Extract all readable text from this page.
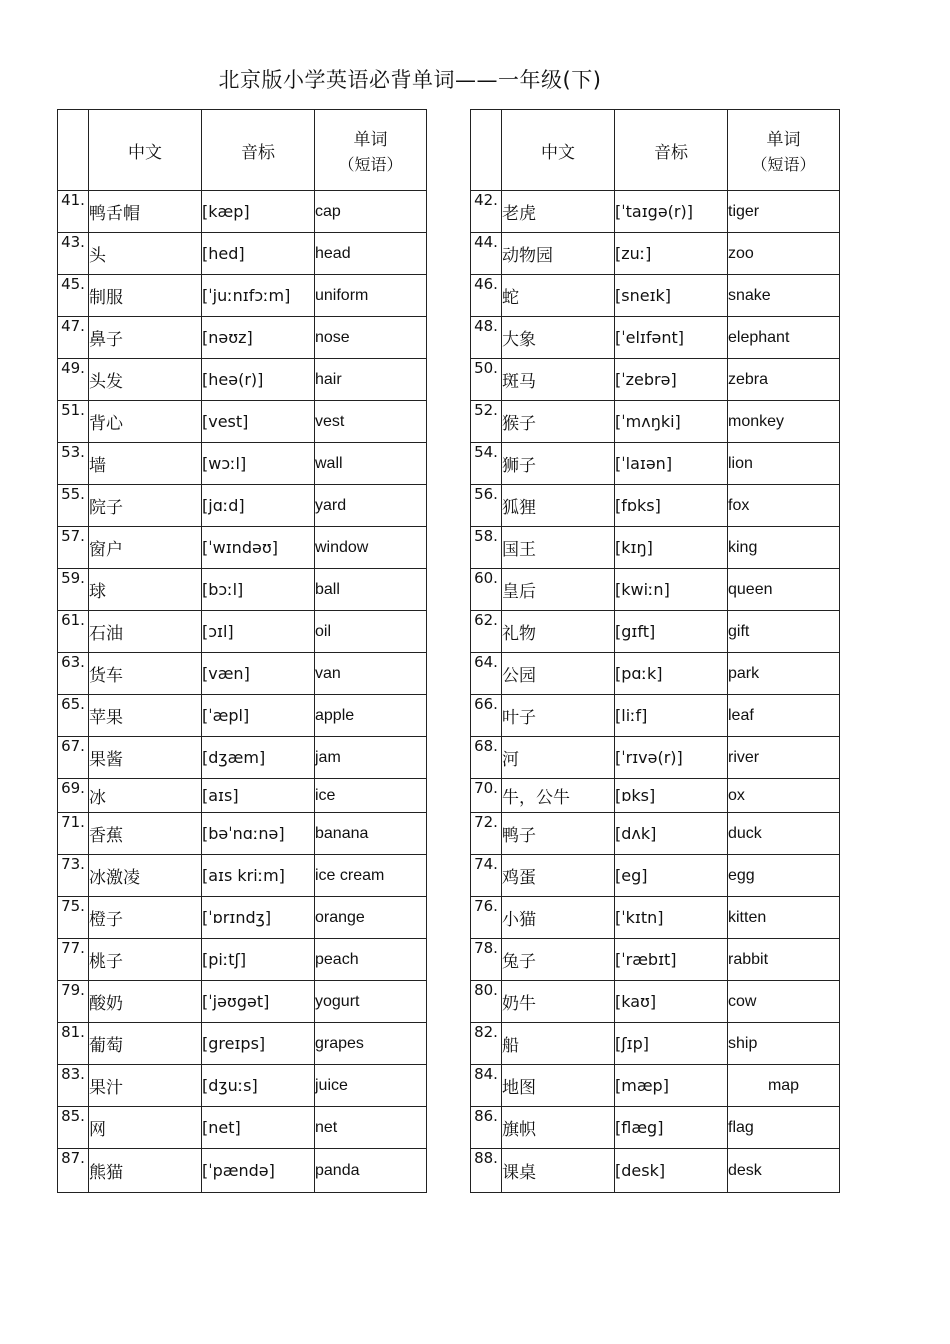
北京版小学英语必背单词——一年级(下)
	中文	音标	单词
（短语）

41.	鸭舌帽	[kæp]	cap
43.	头	[hed]	head
45.	制服	[ˈjuːnɪfɔːm]	uniform
47.	鼻子	[nəʊz]	nose
49.	头发	[heə(r)]	hair
51.	背心	[vest]	vest
53.	墙	[wɔːl]	wall
55.	院子	[jɑːd]	yard
57.	窗户	[ˈwɪndəʊ]	window
59.	球	[bɔːl]	ball
61.	石油	[ɔɪl]	oil
63.	货车	[væn]	van
65.	苹果	[ˈæpl]	apple
67.	果酱	[dʒæm]	jam
69.	冰	[aɪs]	ice
71.	香蕉	[bəˈnɑːnə]	banana
73.	冰激凌	[aɪs kriːm]	ice cream
75.	橙子	[ˈɒrɪndʒ]	orange
77.	桃子	[piːtʃ]	peach
79.	酸奶	[ˈjəʊgət]	yogurt
81.	葡萄	[greɪps]	grapes
83.	果汁	[dʒuːs]	juice
85.	网	[net]	net
87.	熊猫	[ˈpændə]	panda
	中文	音标	单词
（短语）

42.	老虎	[ˈtaɪgə(r)]	tiger
44.	动物园	[zuː]	zoo
46.	蛇	[sneɪk]	snake
48.	大象	[ˈelɪfənt]	elephant
50.	斑马	[ˈzebrə]	zebra
52.	猴子	[ˈmʌŋki]	monkey
54.	狮子	[ˈlaɪən]	lion
56.	狐狸	[fɒks]	fox
58.	国王	[kɪŋ]	king
60.	皇后	[kwiːn]	queen
62.	礼物	[gɪft]	gift
64.	公园	[pɑːk]	park
66.	叶子	[liːf]	leaf
68.	河	[ˈrɪvə(r)]	river
70.	牛，公牛	[ɒks]	ox
72.	鸭子	[dʌk]	duck
74.	鸡蛋	[eg]	egg
76.	小猫	[ˈkɪtn]	kitten
78.	兔子	[ˈræbɪt]	rabbit
80.	奶牛	[kaʊ]	cow
82.	船	[ʃɪp]	ship
84.	地图	[mæp]	map
86.	旗帜	[flæg]	flag
88.	课桌	[desk]	desk
